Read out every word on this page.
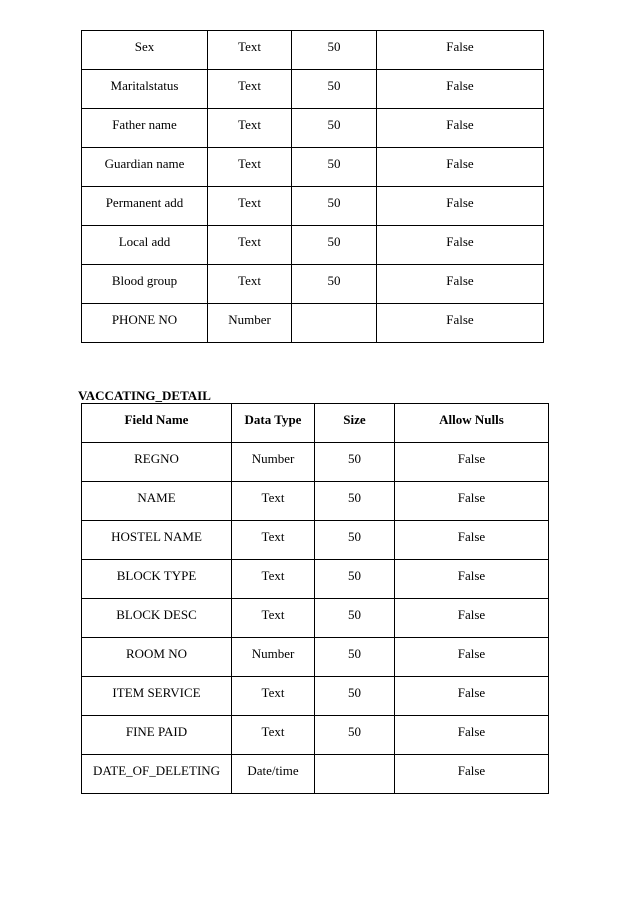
Sex	Text	50	False
Maritalstatus	Text	50	False
Father name	Text	50	False
Guardian name	Text	50	False
Permanent add	Text	50	False
Local add	Text	50	False
Blood group	Text	50	False
PHONE NO	Number		False

VACCATING_DETAIL

Field Name	Data Type	Size	Allow Nulls
REGNO	Number	50	False
NAME	Text	50	False
HOSTEL NAME	Text	50	False
BLOCK TYPE	Text	50	False
BLOCK DESC	Text	50	False
ROOM NO	Number	50	False
ITEM SERVICE	Text	50	False
FINE PAID	Text	50	False
DATE_OF_DELETING	Date/time		False
